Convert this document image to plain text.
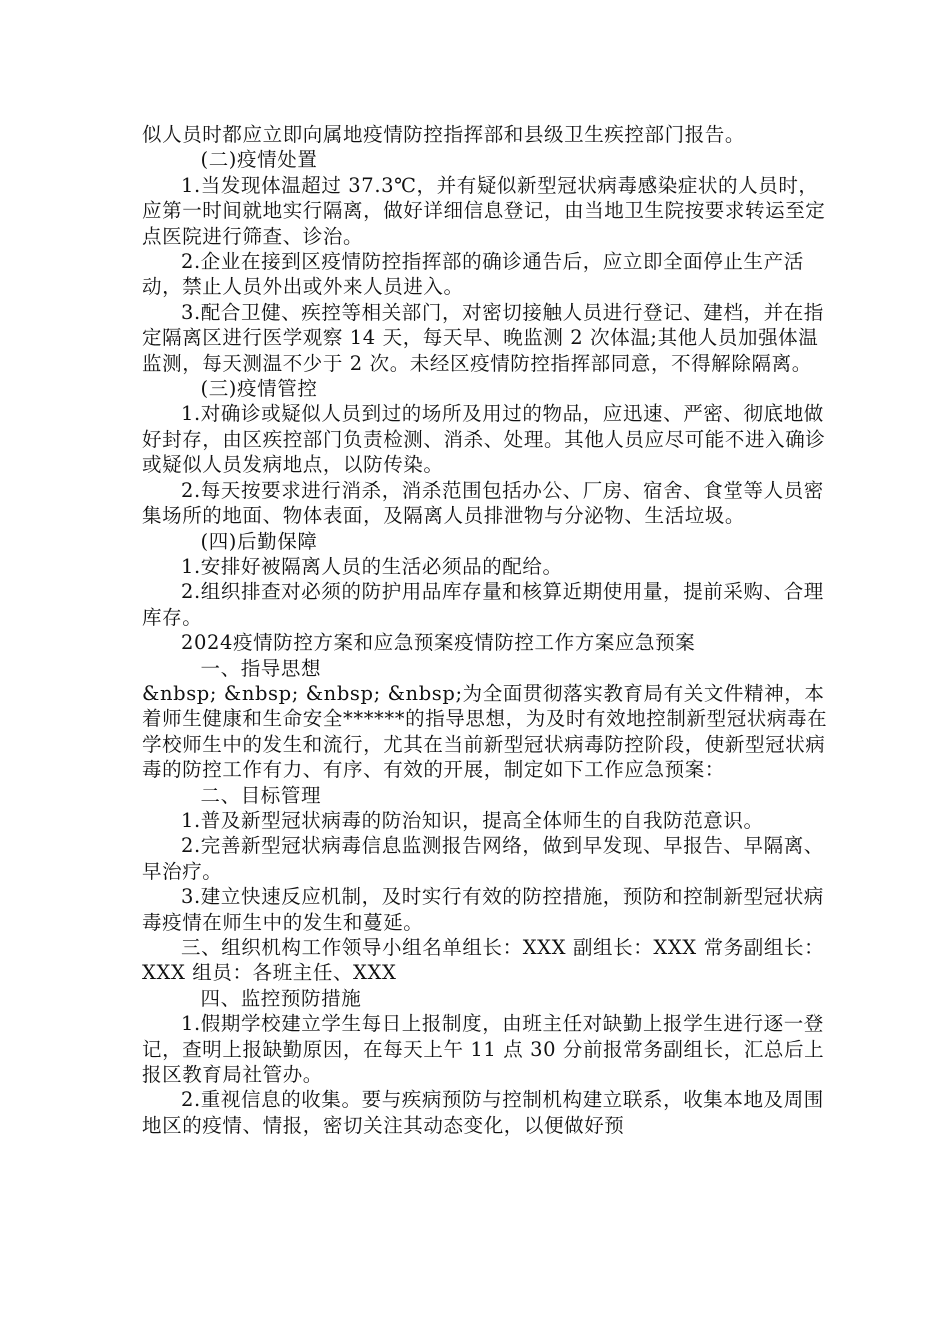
似人员时都应立即向属地疫情防控指挥部和县级卫生疾控部门报告。

(二)疫情处置

1.当发现体温超过 37.3℃，并有疑似新型冠状病毒感染症状的人员时，应第一时间就地实行隔离，做好详细信息登记，由当地卫生院按要求转运至定点医院进行筛查、诊治。

2.企业在接到区疫情防控指挥部的确诊通告后，应立即全面停止生产活动，禁止人员外出或外来人员进入。

3.配合卫健、疾控等相关部门，对密切接触人员进行登记、建档，并在指定隔离区进行医学观察 14 天，每天早、晚监测 2 次体温;其他人员加强体温监测，每天测温不少于 2 次。未经区疫情防控指挥部同意，不得解除隔离。

(三)疫情管控

1.对确诊或疑似人员到过的场所及用过的物品，应迅速、严密、彻底地做好封存，由区疾控部门负责检测、消杀、处理。其他人员应尽可能不进入确诊或疑似人员发病地点，以防传染。

2.每天按要求进行消杀，消杀范围包括办公、厂房、宿舍、食堂等人员密集场所的地面、物体表面，及隔离人员排泄物与分泌物、生活垃圾。

(四)后勤保障

1.安排好被隔离人员的生活必须品的配给。

2.组织排查对必须的防护用品库存量和核算近期使用量，提前采购、合理库存。

2024疫情防控方案和应急预案疫情防控工作方案应急预案

一、指导思想

&nbsp; &nbsp; &nbsp; &nbsp;为全面贯彻落实教育局有关文件精神，本着师生健康和生命安全******的指导思想，为及时有效地控制新型冠状病毒在学校师生中的发生和流行，尤其在当前新型冠状病毒防控阶段，使新型冠状病毒的防控工作有力、有序、有效的开展，制定如下工作应急预案：

二、目标管理

1.普及新型冠状病毒的防治知识，提高全体师生的自我防范意识。

2.完善新型冠状病毒信息监测报告网络，做到早发现、早报告、早隔离、早治疗。

3.建立快速反应机制，及时实行有效的防控措施，预防和控制新型冠状病毒疫情在师生中的发生和蔓延。

三、组织机构工作领导小组名单组长：XXX 副组长：XXX 常务副组长：XXX 组员：各班主任、XXX

四、监控预防措施

1.假期学校建立学生每日上报制度，由班主任对缺勤上报学生进行逐一登记，查明上报缺勤原因，在每天上午 11 点 30 分前报常务副组长，汇总后上报区教育局社管办。

2.重视信息的收集。要与疾病预防与控制机构建立联系，收集本地及周围地区的疫情、情报，密切关注其动态变化，以便做好预
